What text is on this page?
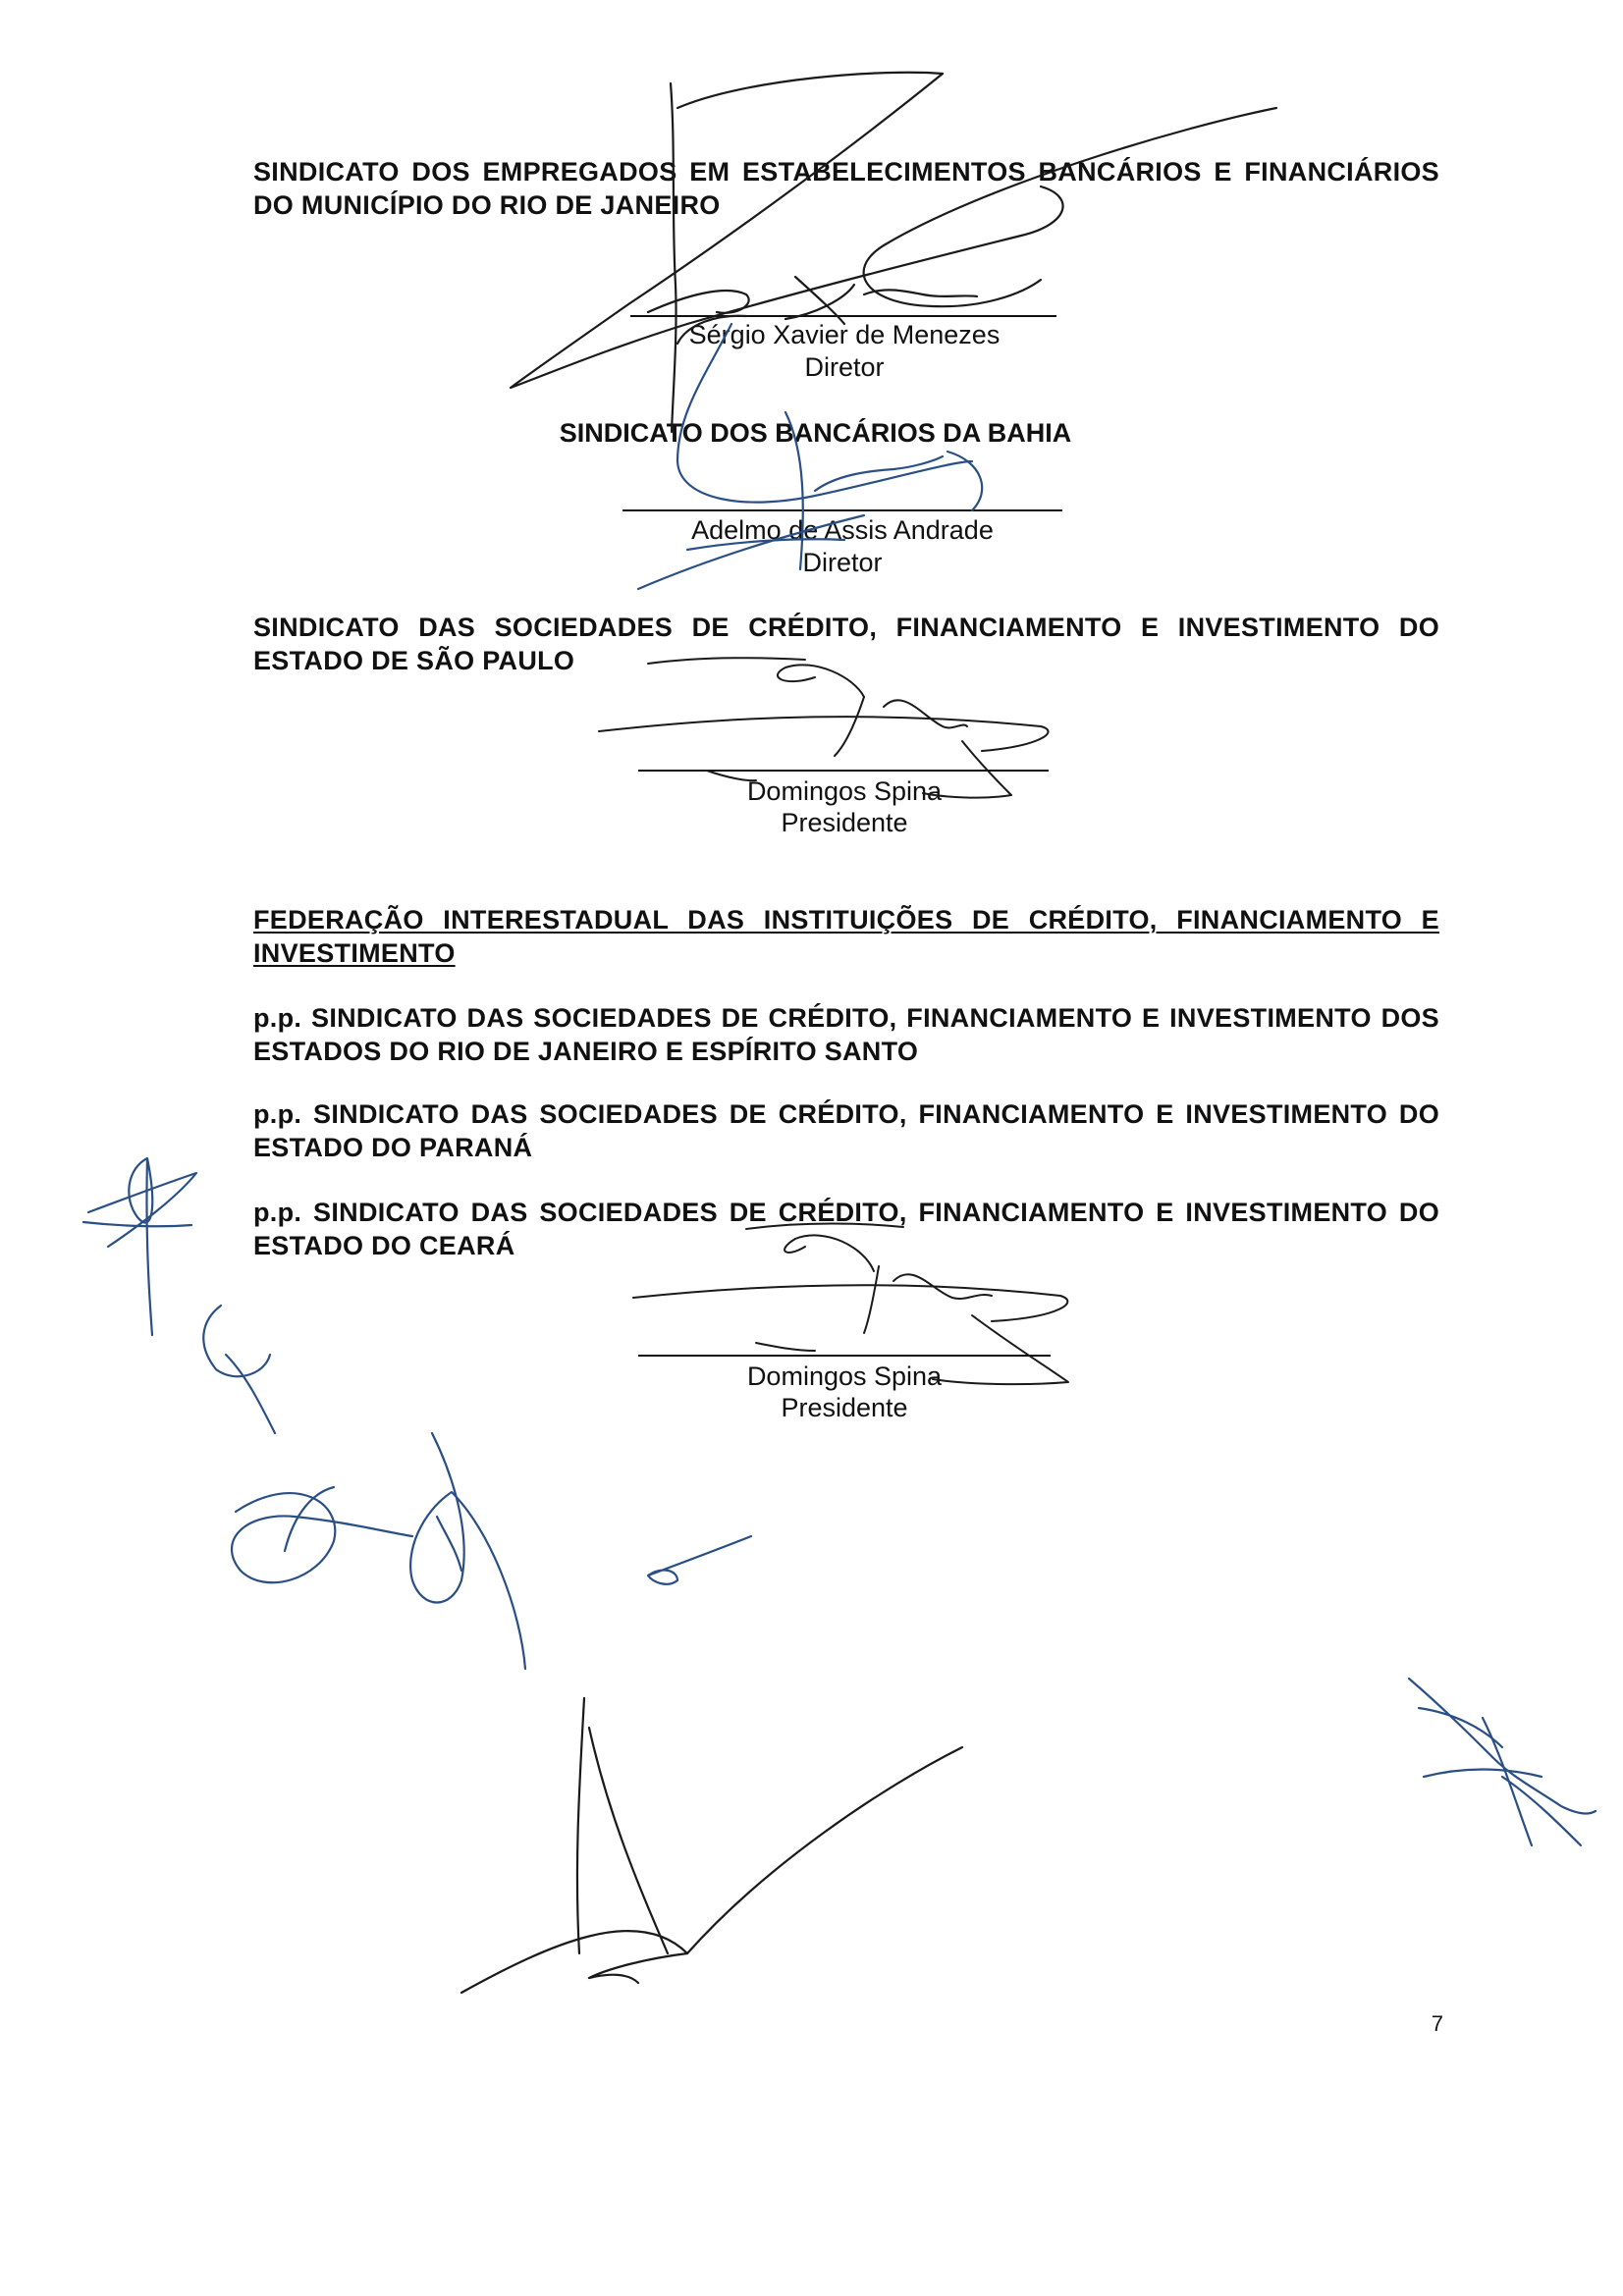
SINDICATO DOS EMPREGADOS EM ESTABELECIMENTOS BANCÁRIOS E FINANCIÁRIOS DO MUNICÍPIO DO RIO DE JANEIRO
Sérgio Xavier de Menezes
Diretor
SINDICATO DOS BANCÁRIOS DA BAHIA
Adelmo de Assis Andrade
Diretor
SINDICATO DAS SOCIEDADES DE CRÉDITO, FINANCIAMENTO E INVESTIMENTO DO ESTADO DE SÃO PAULO
Domingos Spina
Presidente
FEDERAÇÃO INTERESTADUAL DAS INSTITUIÇÕES DE CRÉDITO, FINANCIAMENTO E INVESTIMENTO
p.p. SINDICATO DAS SOCIEDADES DE CRÉDITO, FINANCIAMENTO E INVESTIMENTO DOS ESTADOS DO RIO DE JANEIRO E ESPÍRITO SANTO
p.p. SINDICATO DAS SOCIEDADES DE CRÉDITO, FINANCIAMENTO E INVESTIMENTO DO ESTADO DO PARANÁ
p.p. SINDICATO DAS SOCIEDADES DE CRÉDITO, FINANCIAMENTO E INVESTIMENTO DO ESTADO DO CEARÁ
Domingos Spina
Presidente
7
